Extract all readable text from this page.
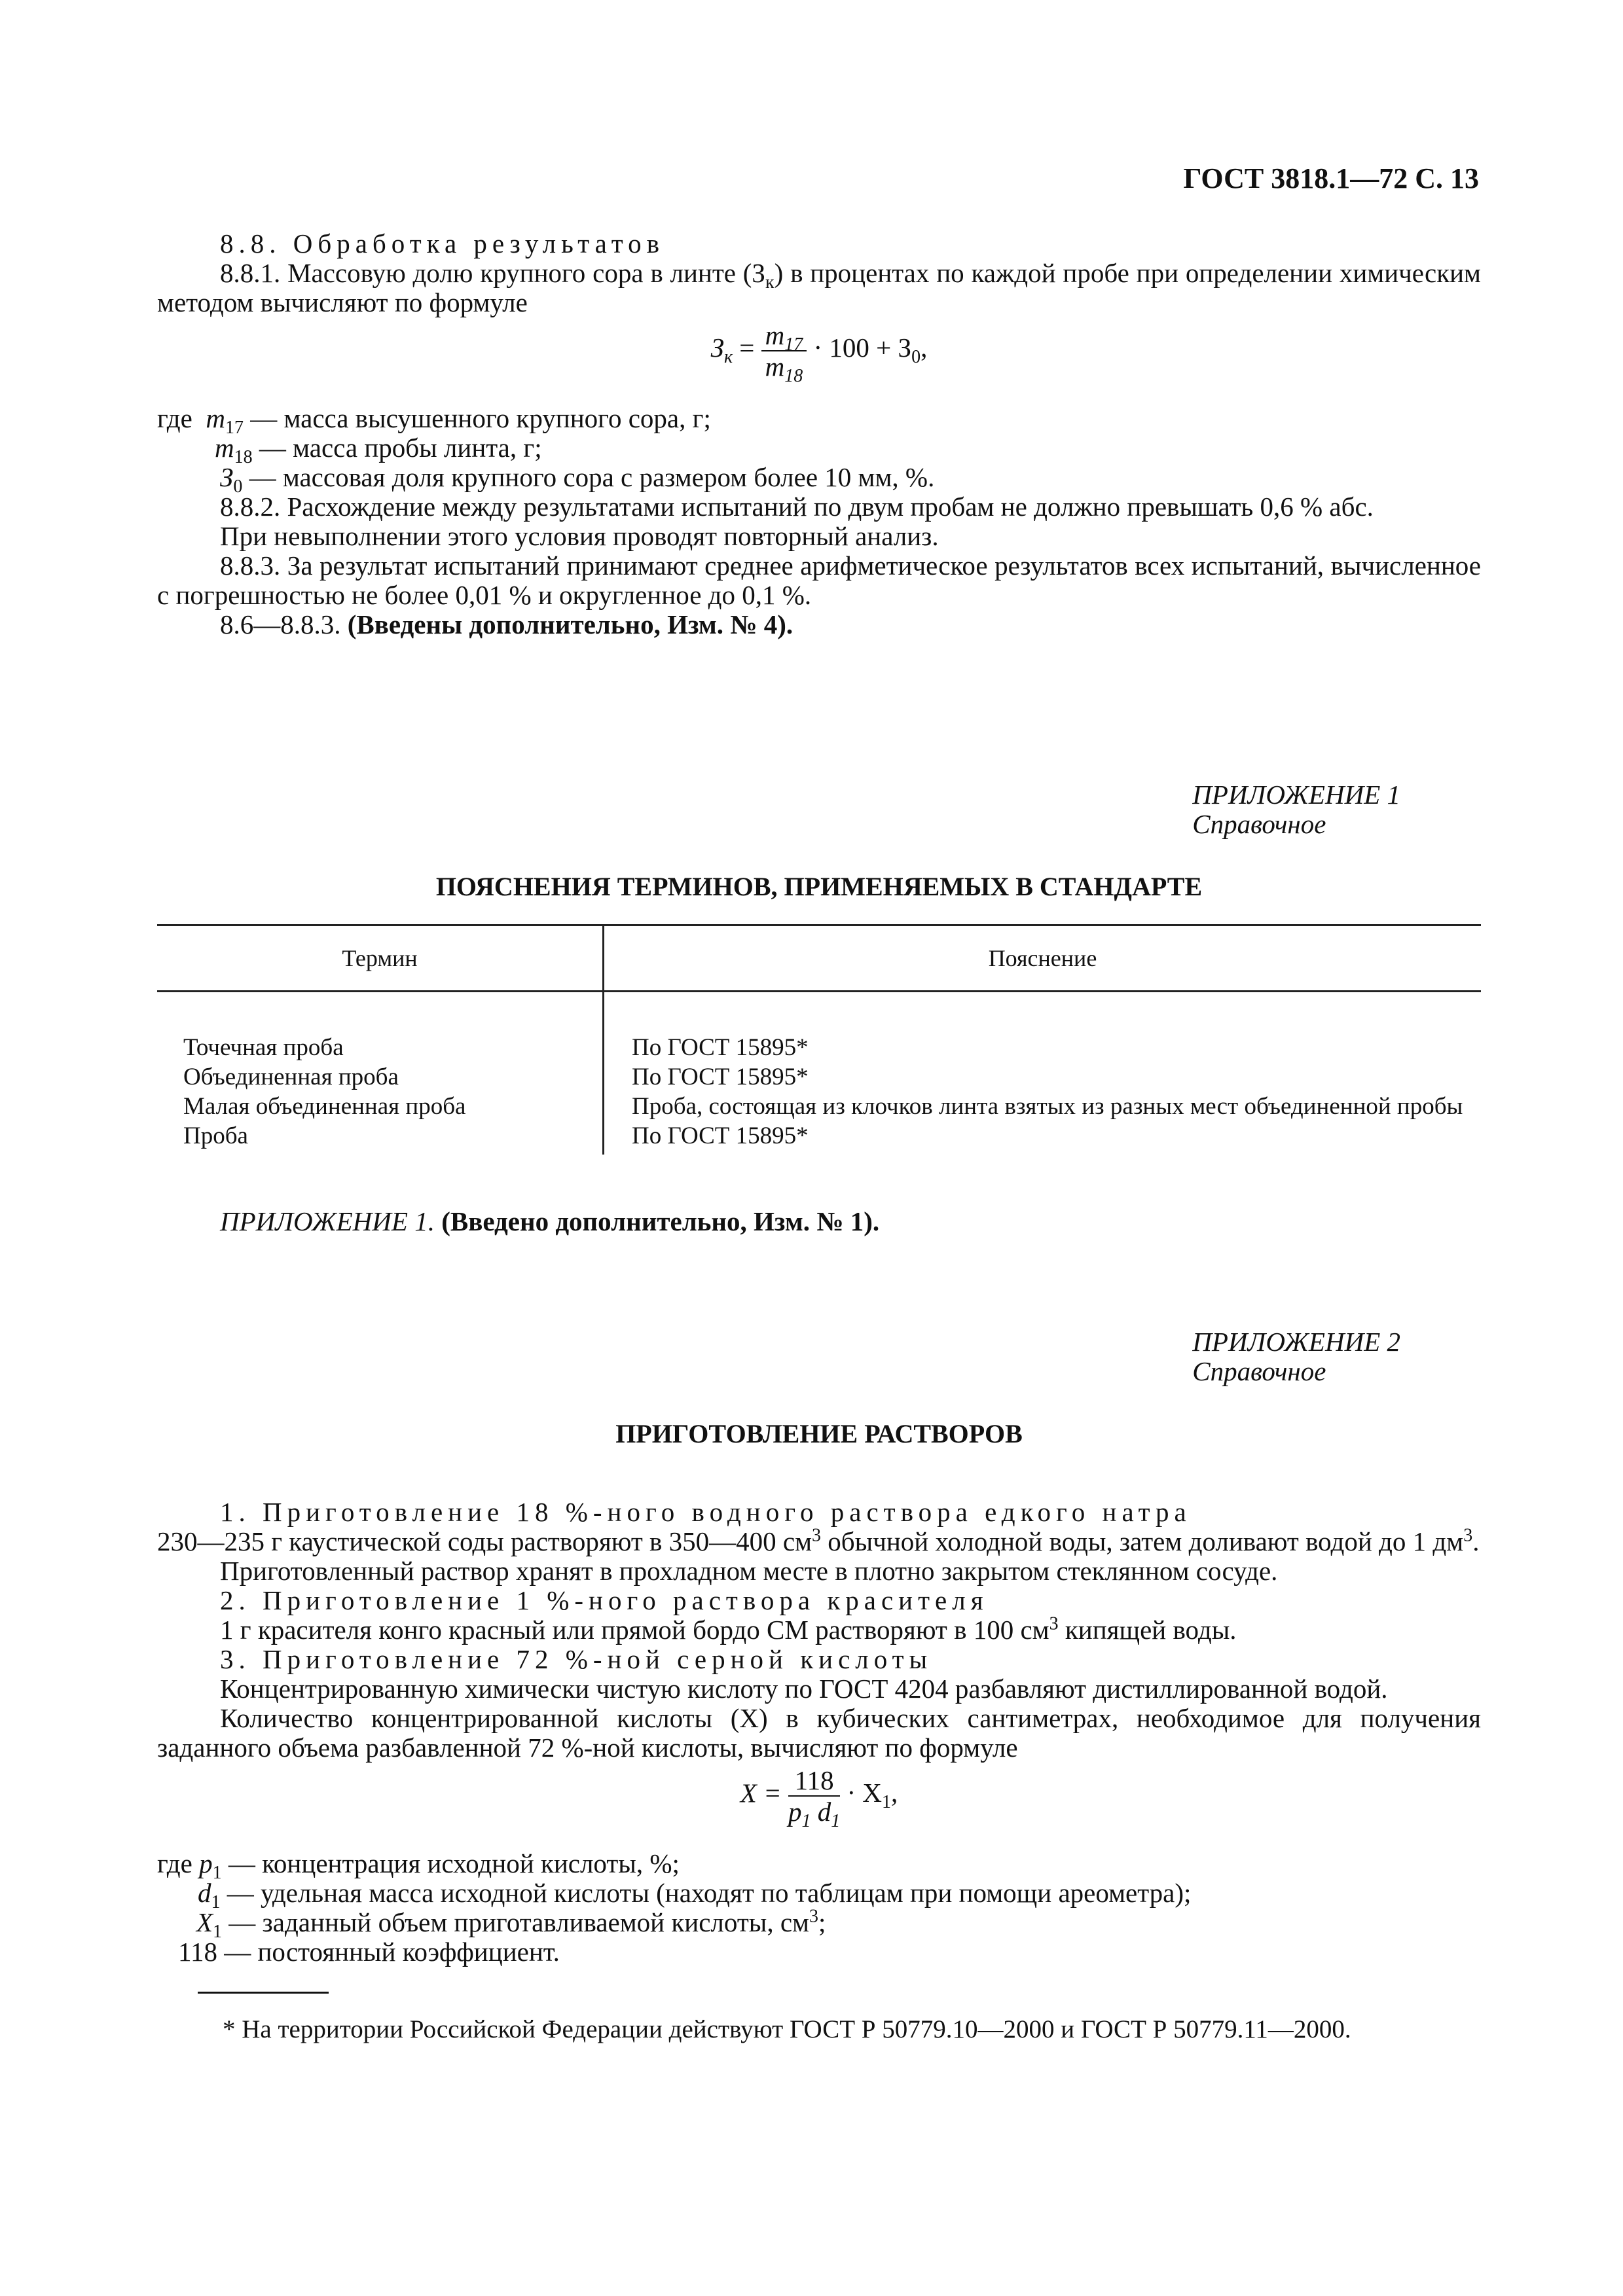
ГОСТ 3818.1—72 С. 13

8.8. Обработка результатов

8.8.1. Массовую долю крупного сора в линте $(З_к)$ в процентах по каждой пробе при определении химическим методом вычисляют по формуле

$З_к = \frac{m_{17}}{m_{18}} \cdot 100 + З_0$,
где $m_{17}$ — масса высушенного крупного сора, г;
$m_{18}$ — масса пробы линта, г;
$З_0$ — массовая доля крупного сора с размером более 10 мм, %.

8.8.2. Расхождение между результатами испытаний по двум пробам не должно превышать 0,6 % абс.

При невыполнении этого условия проводят повторный анализ.

8.8.3. За результат испытаний принимают среднее арифметическое результатов всех испытаний, вычисленное с погрешностью не более 0,01 % и округленное до 0,1 %.

8.6—8.8.3. (Введены дополнительно, Изм. № 4).

ПРИЛОЖЕНИЕ 1
Справочное
ПОЯСНЕНИЯ ТЕРМИНОВ, ПРИМЕНЯЕМЫХ В СТАНДАРТЕ
Термин	Пояснение
Точечная проба	По ГОСТ 15895*
Объединенная проба	По ГОСТ 15895*
Малая объединенная проба	Проба, состоящая из клочков линта взятых из разных мест объединенной пробы
Проба	По ГОСТ 15895*
ПРИЛОЖЕНИЕ 1. (Введено дополнительно, Изм. № 1).
ПРИЛОЖЕНИЕ 2
Справочное
ПРИГОТОВЛЕНИЕ РАСТВОРОВ

1. Приготовление 18 %-ного водного раствора едкого натра

230—235 г каустической соды растворяют в 350—400 $см^3$ обычной холодной воды, затем доливают водой до 1 $дм^3$.

Приготовленный раствор хранят в прохладном месте в плотно закрытом стеклянном сосуде.

2. Приготовление 1 %-ного раствора красителя

1 г красителя конго красный или прямой бордо СМ растворяют в 100 $см^3$ кипящей воды.

3. Приготовление 72 %-ной серной кислоты

Концентрированную химически чистую кислоту по ГОСТ 4204 разбавляют дистиллированной водой.

Количество концентрированной кислоты (X) в кубических сантиметрах, необходимое для получения заданного объема разбавленной 72 %-ной кислоты, вычисляют по формуле

$X = \frac{118}{p_1 d_1} \cdot X_1$,
где $p_1$ — концентрация исходной кислоты, %;
$d_1$ — удельная масса исходной кислоты (находят по таблицам при помощи ареометра);
$X_1$ — заданный объем приготавливаемой кислоты, $см^3$;
118 — постоянный коэффициент.
* На территории Российской Федерации действуют ГОСТ Р 50779.10—2000 и ГОСТ Р 50779.11—2000.
